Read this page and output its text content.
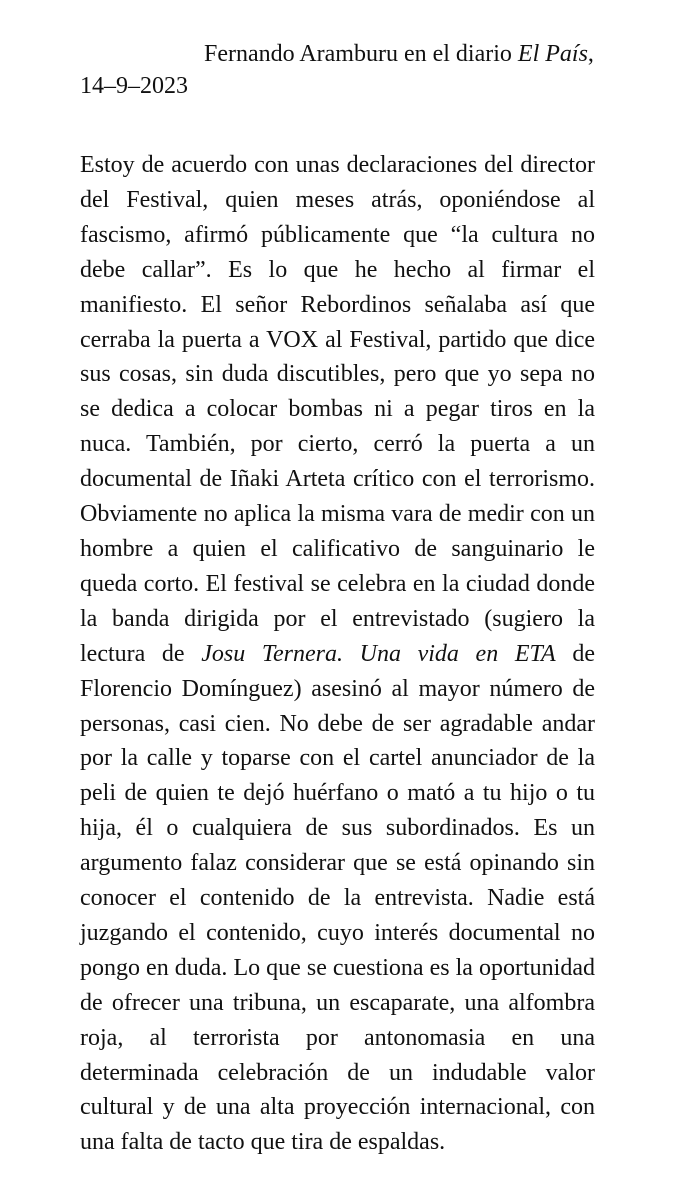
Fernando Aramburu en el diario El País, 14–9–2023

Estoy de acuerdo con unas declaraciones del director del Festival, quien meses atrás, oponiéndose al fascismo, afirmó públicamente que “la cultura no debe callar”. Es lo que he hecho al firmar el manifiesto. El señor Rebordinos señalaba así que cerraba la puerta a VOX al Festival, partido que dice sus cosas, sin duda discutibles, pero que yo sepa no se dedica a colocar bombas ni a pegar tiros en la nuca. También, por cierto, cerró la puerta a un documental de Iñaki Arteta crítico con el terrorismo. Obviamente no aplica la misma vara de medir con un hombre a quien el calificativo de sanguinario le queda corto. El festival se celebra en la ciudad donde la banda dirigida por el entrevistado (sugiero la lectura de Josu Ternera. Una vida en ETA de Florencio Domínguez) asesinó al mayor número de personas, casi cien. No debe de ser agradable andar por la calle y toparse con el cartel anunciador de la peli de quien te dejó huérfano o mató a tu hijo o tu hija, él o cualquiera de sus subordinados. Es un argumento falaz considerar que se está opinando sin conocer el contenido de la entrevista. Nadie está juzgando el contenido, cuyo interés documental no pongo en duda. Lo que se cuestiona es la oportunidad de ofrecer una tribuna, un escaparate, una alfombra roja, al terrorista por antonomasia en una determinada celebración de un indudable valor cultural y de una alta proyección internacional, con una falta de tacto que tira de espaldas.
